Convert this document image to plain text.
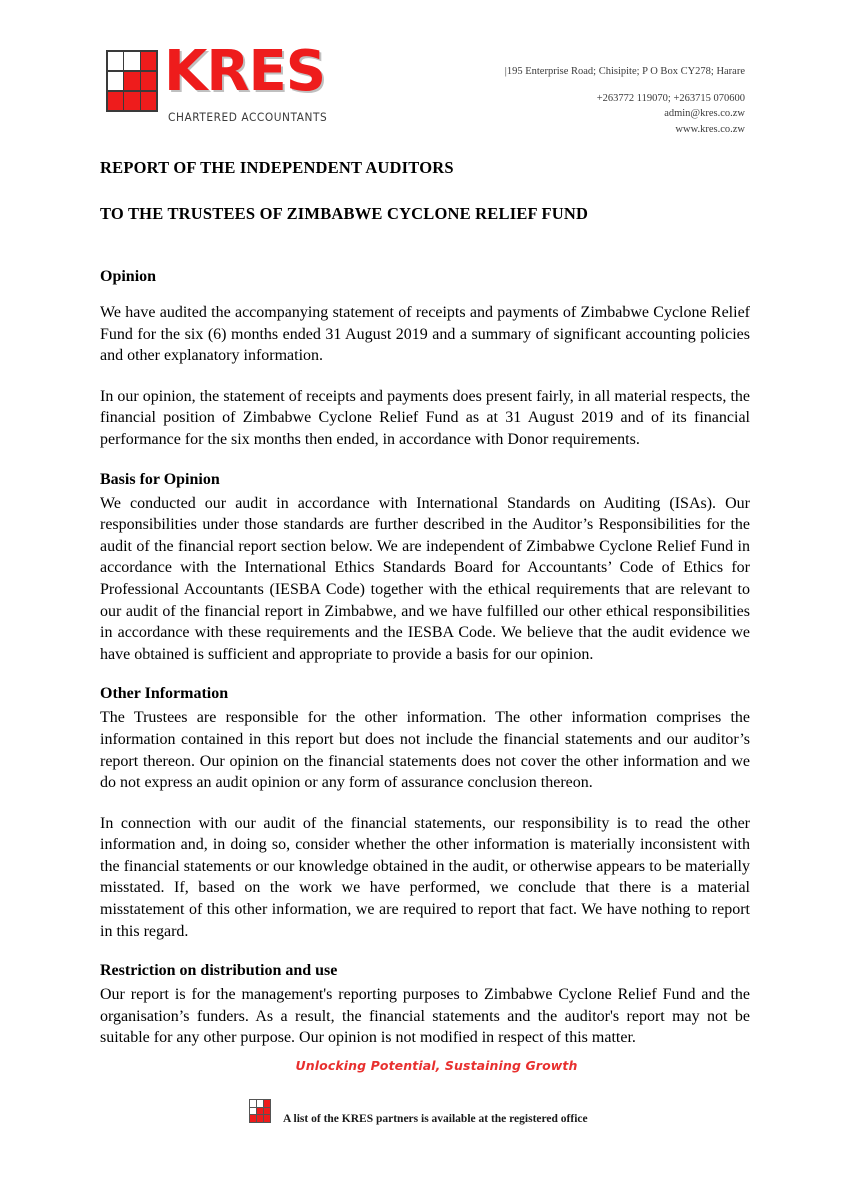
KRES
CHARTERED ACCOUNTANTS
|195 Enterprise Road; Chisipite; P O Box CY278; Harare
+263772 119070; +263715 070600
admin@kres.co.zw
www.kres.co.zw
REPORT OF THE INDEPENDENT AUDITORS
TO THE TRUSTEES OF ZIMBABWE CYCLONE RELIEF FUND
Opinion

We have audited the accompanying statement of receipts and payments of Zimbabwe Cyclone Relief Fund for the six (6) months ended 31 August 2019 and a summary of significant accounting policies and other explanatory information.

In our opinion, the statement of receipts and payments does present fairly, in all material respects, the financial position of Zimbabwe Cyclone Relief Fund as at 31 August 2019 and of its financial performance for the six months then ended, in accordance with Donor requirements.

Basis for Opinion

We conducted our audit in accordance with International Standards on Auditing (ISAs). Our responsibilities under those standards are further described in the Auditor’s Responsibilities for the audit of the financial report section below. We are independent of Zimbabwe Cyclone Relief Fund in accordance with the International Ethics Standards Board for Accountants’ Code of Ethics for Professional Accountants (IESBA Code) together with the ethical requirements that are relevant to our audit of the financial report in Zimbabwe, and we have fulfilled our other ethical responsibilities in accordance with these requirements and the IESBA Code. We believe that the audit evidence we have obtained is sufficient and appropriate to provide a basis for our opinion.

Other Information

The Trustees are responsible for the other information. The other information comprises the information contained in this report but does not include the financial statements and our auditor’s report thereon. Our opinion on the financial statements does not cover the other information and we do not express an audit opinion or any form of assurance conclusion thereon.

In connection with our audit of the financial statements, our responsibility is to read the other information and, in doing so, consider whether the other information is materially inconsistent with the financial statements or our knowledge obtained in the audit, or otherwise appears to be materially misstated. If, based on the work we have performed, we conclude that there is a material misstatement of this other information, we are required to report that fact. We have nothing to report in this regard.

Restriction on distribution and use

Our report is for the management's reporting purposes to Zimbabwe Cyclone Relief Fund and the organisation’s funders. As a result, the financial statements and the auditor's report may not be suitable for any other purpose. Our opinion is not modified in respect of this matter.

Unlocking Potential, Sustaining Growth
A list of the KRES partners is available at the registered office
